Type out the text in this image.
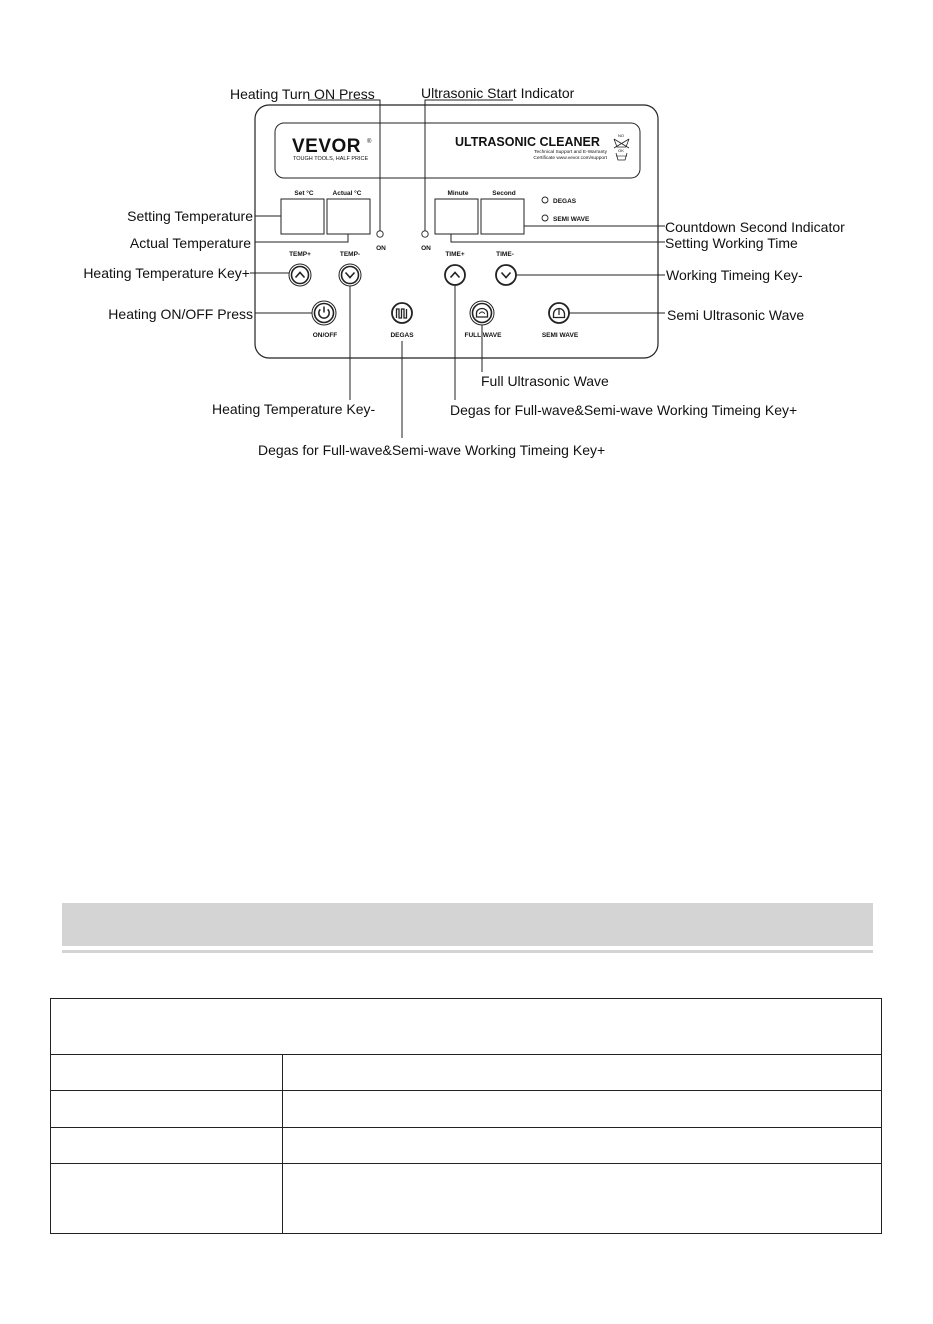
VEVOR ®
TOUGH TOOLS, HALF PRICE
ULTRASONIC CLEANER
Technical Support and E-Warranty
Certificate www.vevor.com/support
NO
OK
Set °C	Actual °C	Minute	Second
ON	ON
DEGAS
SEMI WAVE
TEMP+	TEMP-	TIME+	TIME-
ON/OFF	DEGAS	FULL WAVE	SEMI WAVE
Heating Turn ON Press	Ultrasonic Start Indicator
Setting Temperature
Actual Temperature
Heating Temperature Key+
Heating ON/OFF Press
Countdown Second Indicator
Setting Working Time
Working Timeing Key-
Semi Ultrasonic Wave
Full Ultrasonic Wave
Heating Temperature Key-	Degas for Full-wave&Semi-wave Working Timeing Key+
Degas for Full-wave&Semi-wave Working Timeing Key+
